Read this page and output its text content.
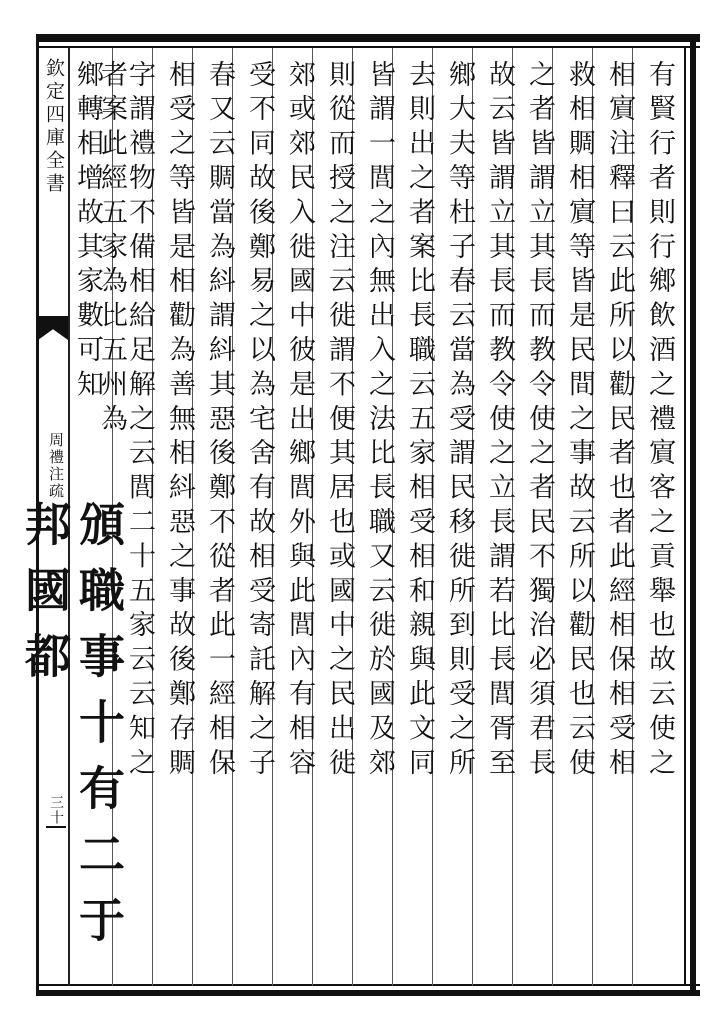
欽定四庫全書
周禮注疏
三十
有賢行者則行鄉飲酒之禮賔客之貢舉也故云使之
相賔注釋曰云此所以勸民者也者此經相保相受相
救相賙相賔等皆是民間之事故云所以勸民也云使
之者皆謂立其長而教令使之者民不獨治必須君長
故云皆謂立其長而教令使之立長謂若比長閭胥至
鄉大夫等杜子春云當為受謂民移徙所到則受之所
去則出之者案比長職云五家相受相和親與此文同
皆謂一閭之內無出入之法比長職又云徙於國及郊
則從而授之注云徙謂不便其居也或國中之民出徙
郊或郊民入徙國中彼是出鄉閭外與此閭內有相容
受不同故後鄭易之以為宅舍有故相受寄託解之子
春又云賙當為紏謂紏其惡後鄭不從者此一經相保
相受之等皆是相勸為善無相紏惡之事故後鄭存賙
字謂禮物不備相給足解之云閭二十五家云云知之
者案此經五家為比五州為
鄉轉相增故其家數可知
頒職事十有二于邦國都
